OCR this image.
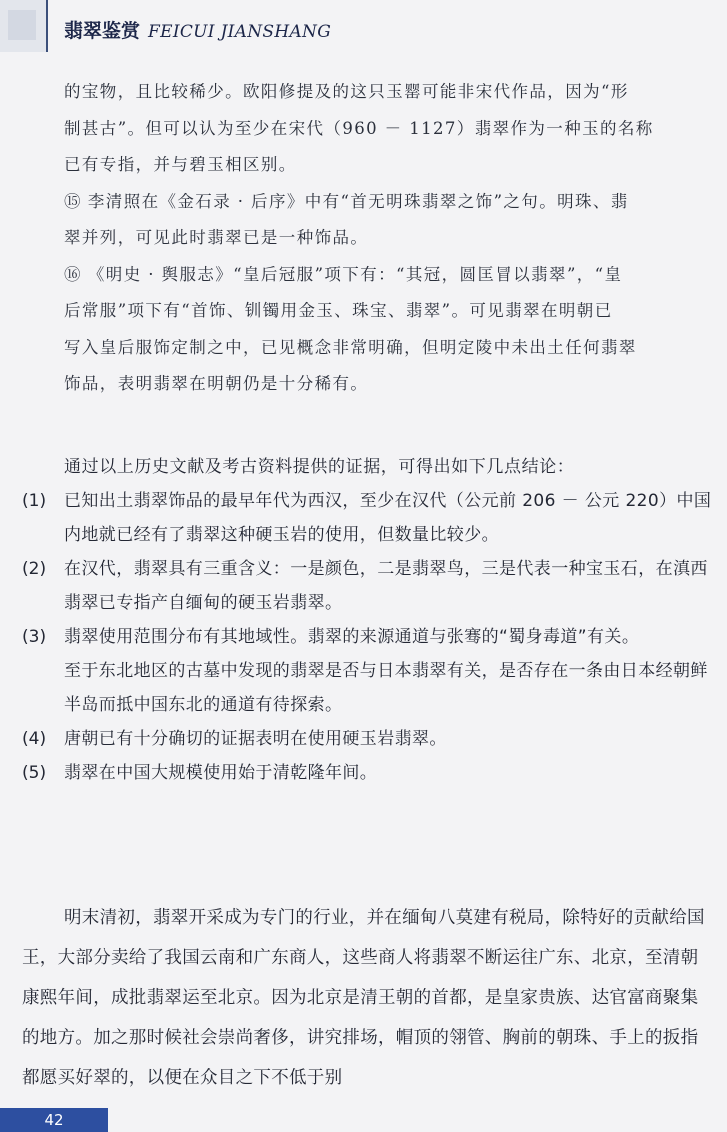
翡翠鉴赏 FEICUI JIANSHANG

的宝物，且比较稀少。欧阳修提及的这只玉罂可能非宋代作品，因为“形

制甚古”。但可以认为至少在宋代（960 － 1127）翡翠作为一种玉的名称

已有专指，并与碧玉相区别。

⑮ 李清照在《金石录 · 后序》中有“首无明珠翡翠之饰”之句。明珠、翡

翠并列，可见此时翡翠已是一种饰品。

⑯ 《明史 · 舆服志》“皇后冠服”项下有：“其冠，圆匡冒以翡翠”，“皇

后常服”项下有“首饰、钏镯用金玉、珠宝、翡翠”。可见翡翠在明朝已

写入皇后服饰定制之中，已见概念非常明确，但明定陵中未出土任何翡翠

饰品，表明翡翠在明朝仍是十分稀有。

通过以上历史文献及考古资料提供的证据，可得出如下几点结论：

(1)	已知出土翡翠饰品的最早年代为西汉，至少在汉代（公元前 206 － 公元 220）中国内地就已经有了翡翠这种硬玉岩的使用，但数量比较少。
(2)	在汉代，翡翠具有三重含义：一是颜色，二是翡翠鸟，三是代表一种宝玉石，在滇西翡翠已专指产自缅甸的硬玉岩翡翠。
(3)	翡翠使用范围分布有其地域性。翡翠的来源通道与张骞的“蜀身毒道”有关。

至于东北地区的古墓中发现的翡翠是否与日本翡翠有关，是否存在一条由日本经朝鲜半岛而抵中国东北的通道有待探索。

(4)	唐朝已有十分确切的证据表明在使用硬玉岩翡翠。
(5)	翡翠在中国大规模使用始于清乾隆年间。

明末清初，翡翠开采成为专门的行业，并在缅甸八莫建有税局，除特好的贡献给国王，大部分卖给了我国云南和广东商人，这些商人将翡翠不断运往广东、北京，至清朝康熙年间，成批翡翠运至北京。因为北京是清王朝的首都，是皇家贵族、达官富商聚集的地方。加之那时候社会崇尚奢侈，讲究排场，帽顶的翎管、胸前的朝珠、手上的扳指都愿买好翠的，以便在众目之下不低于别

42
